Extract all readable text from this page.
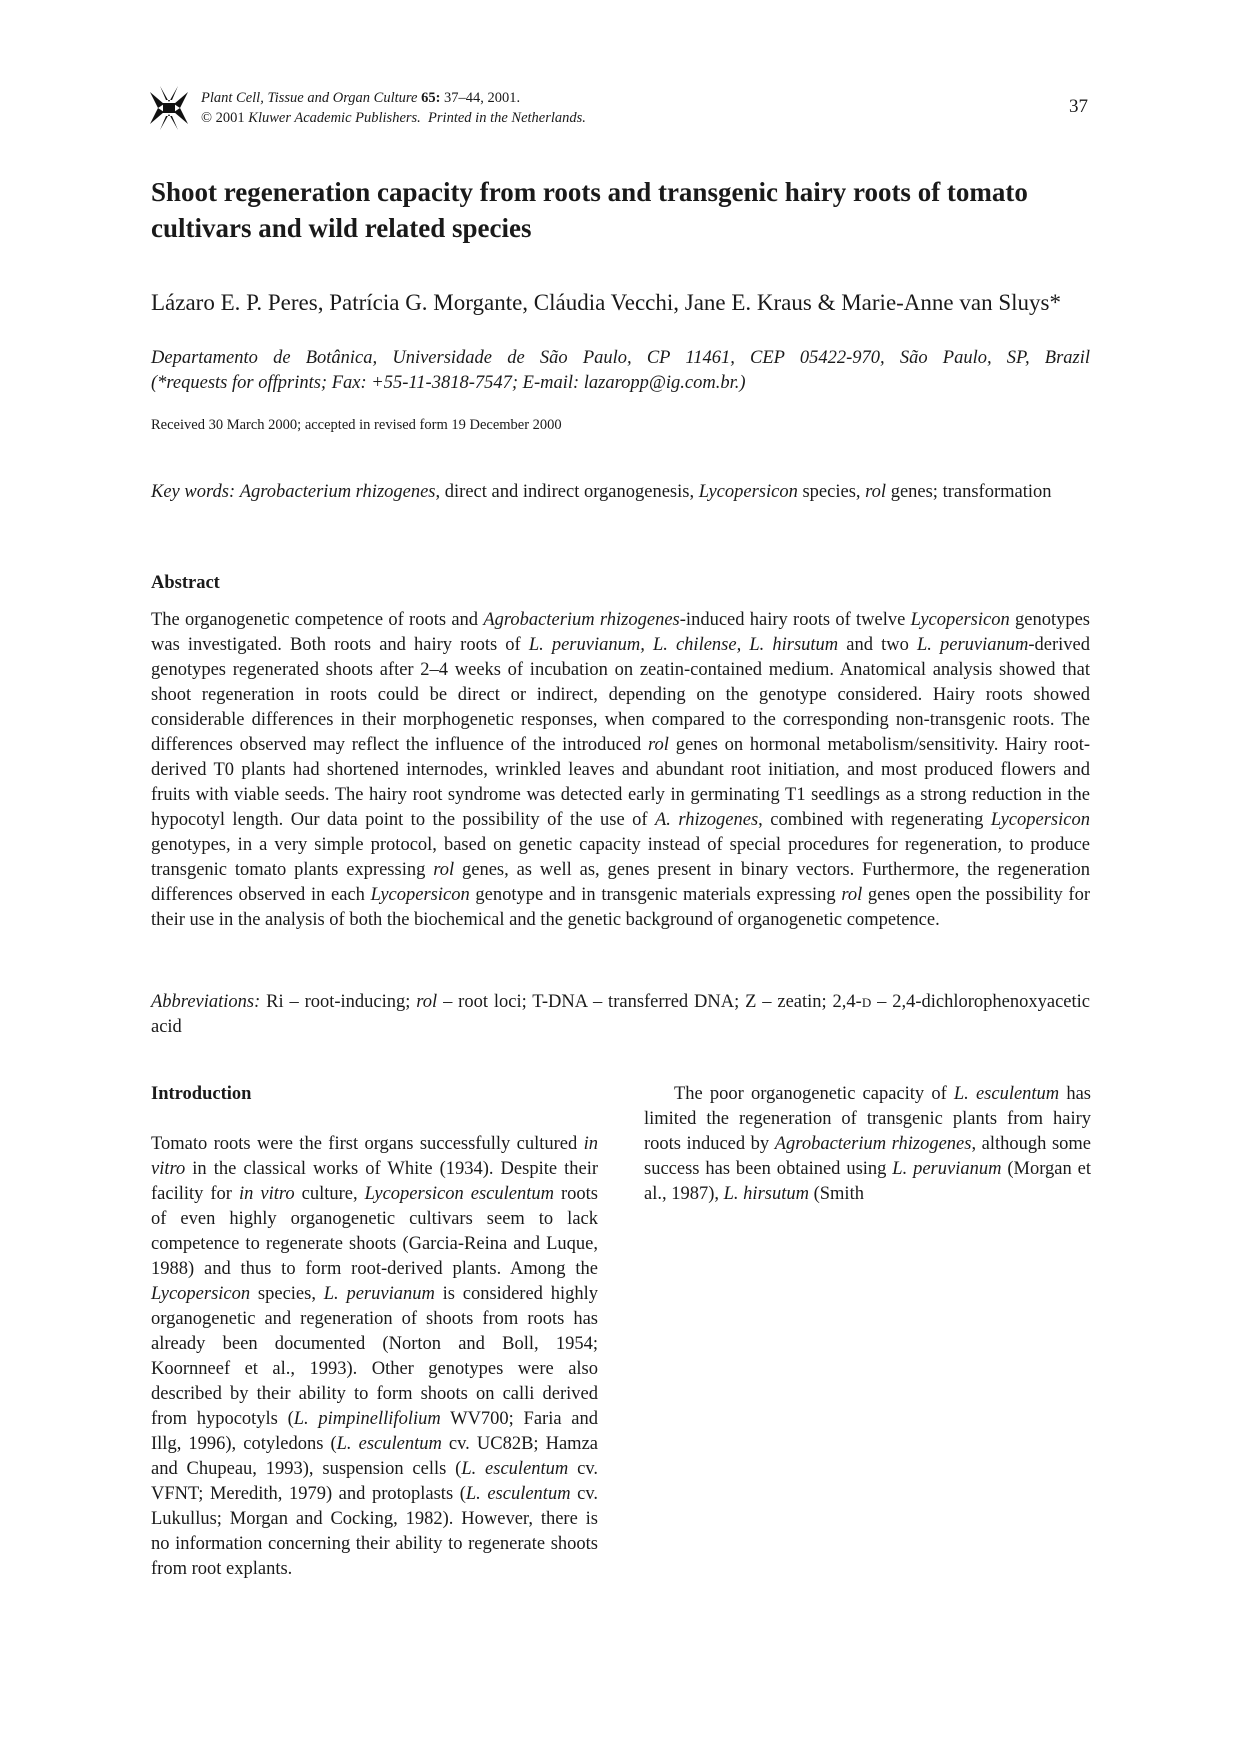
Plant Cell, Tissue and Organ Culture 65: 37–44, 2001.
© 2001 Kluwer Academic Publishers. Printed in the Netherlands.
37
Shoot regeneration capacity from roots and transgenic hairy roots of tomato cultivars and wild related species

Lázaro E. P. Peres, Patrícia G. Morgante, Cláudia Vecchi, Jane E. Kraus & Marie-Anne van Sluys*

Departamento de Botânica, Universidade de São Paulo, CP 11461, CEP 05422-970, São Paulo, SP, Brazil
(*requests for offprints; Fax: +55-11-3818-7547; E-mail: lazaropp@ig.com.br.)
Received 30 March 2000; accepted in revised form 19 December 2000

Key words: Agrobacterium rhizogenes, direct and indirect organogenesis, Lycopersicon species, rol genes; transformation

Abstract

The organogenetic competence of roots and Agrobacterium rhizogenes-induced hairy roots of twelve Lycopersicon genotypes was investigated. Both roots and hairy roots of L. peruvianum, L. chilense, L. hirsutum and two L. peruvianum-derived genotypes regenerated shoots after 2–4 weeks of incubation on zeatin-contained medium. Anatomical analysis showed that shoot regeneration in roots could be direct or indirect, depending on the genotype considered. Hairy roots showed considerable differences in their morphogenetic responses, when compared to the corresponding non-transgenic roots. The differences observed may reflect the influence of the introduced rol genes on hormonal metabolism/sensitivity. Hairy root-derived T0 plants had shortened internodes, wrinkled leaves and abundant root initiation, and most produced flowers and fruits with viable seeds. The hairy root syndrome was detected early in germinating T1 seedlings as a strong reduction in the hypocotyl length. Our data point to the possibility of the use of A. rhizogenes, combined with regenerating Lycopersicon genotypes, in a very simple protocol, based on genetic capacity instead of special procedures for regeneration, to produce transgenic tomato plants expressing rol genes, as well as, genes present in binary vectors. Furthermore, the regeneration differences observed in each Lycopersicon genotype and in transgenic materials expressing rol genes open the possibility for their use in the analysis of both the biochemical and the genetic background of organogenetic competence.

Abbreviations: Ri – root-inducing; rol – root loci; T-DNA – transferred DNA; Z – zeatin; 2,4-d – 2,4-dichlorophenoxyacetic acid

Introduction

Tomato roots were the first organs successfully cultured in vitro in the classical works of White (1934). Despite their facility for in vitro culture, Lycopersicon esculentum roots of even highly organogenetic cultivars seem to lack competence to regenerate shoots (Garcia-Reina and Luque, 1988) and thus to form root-derived plants. Among the Lycopersicon species, L. peruvianum is considered highly organogenetic and regeneration of shoots from roots has already been documented (Norton and Boll, 1954; Koornneef et al., 1993). Other genotypes were also described by their ability to form shoots on calli derived from hypocotyls (L. pimpinellifolium WV700; Faria and Illg, 1996), cotyledons (L. esculentum cv. UC82B; Hamza and Chupeau, 1993), suspension cells (L. esculentum cv. VFNT; Meredith, 1979) and protoplasts (L. esculentum cv. Lukullus; Morgan and Cocking, 1982). However, there is no information concerning their ability to regenerate shoots from root explants.

The poor organogenetic capacity of L. esculentum has limited the regeneration of transgenic plants from hairy roots induced by Agrobacterium rhizogenes, although some success has been obtained using L. peruvianum (Morgan et al., 1987), L. hirsutum (Smith
